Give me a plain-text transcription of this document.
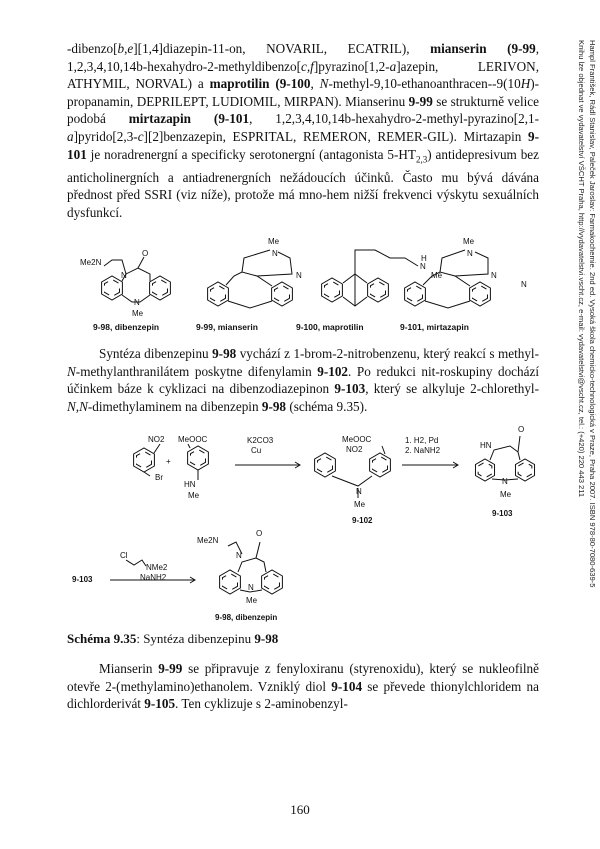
-dibenzo[b,e][1,4]diazepin-11-on, NOVARIL, ECATRIL), mianserin (9-99, 1,2,3,4,10,14b-hexahydro-2-methyldibenzo[c,f]pyrazino[1,2-a]azepin, LERIVON, ATHYMIL, NORVAL) a maprotilin (9-100, N-methyl-9,10-ethanoanthracen--9(10H)-propanamin, DEPRILEPT, LUDIOMIL, MIRPAN). Mianserinu 9-99 se strukturně velice podobá mirtazapin (9-101, 1,2,3,4,10,14b-hexahydro-2-methyl-pyrazino[2,1-a]pyrido[2,3-c][2]benzazepin, ESPRITAL, REMERON, REMER-GIL). Mirtazapin 9-101 je noradrenergní a specificky serotonergní (antagonista $5-HT_{2,3}$) antidepresivum bez anticholinergních a antiadrenergních nežádoucích účinků. Často mu bývá dávána přednost před SSRI (viz níže), protože má mno-hem nižší frekvenci výskytu sexuálních dysfunkcí.
Me2N
O
N
N
Me
Me
N
N
H
N
Me
Me
N
N
N
9-98, dibenzepin	9-99, mianserin	9-100, maprotilin	9-101, mirtazapin
Syntéza dibenzepinu 9-98 vychází z 1-brom-2-nitrobenzenu, který reakcí s methyl-N-methylanthranilátem poskytne difenylamin 9-102. Po redukci nit-roskupiny dochází účinkem báze k cyklizaci na dibenzodiazepinon 9-103, který se alkyluje 2-chlorethyl-N,N-dimethylaminem na dibenzepin 9-98 (schéma 9.35).
NO2
Br
+
MeOOC
HN
Me
K2CO3
Cu
MeOOC
NO2
N
Me
9-102
1. H2, Pd
2. NaNH2
O
HN
N
Me
9-103
9-103
Cl
NMe2
NaNH2
Me2N
O
N
N
Me
9-98, dibenzepin
Schéma 9.35: Syntéza dibenzepinu 9-98
Mianserin 9-99 se připravuje z fenyloxiranu (styrenoxidu), který se nukleofilně otevře 2-(methylamino)ethanolem. Vzniklý diol 9-104 se převede thionylchloridem na dichlorderivát 9-105. Ten cyklizuje s 2-aminobenzyl-
160
Hampl František, Rádl Stanislav, Paleček Jaroslav: Farmakochemie. 2nd ed. Vysoká škola chemicko-technologická v Praze, Praha 2007. ISBN 978-80-7080-639-5
Knihu lze objednat ve vydavatelství VŠCHT Praha, http://vydavatelstvi.vscht.cz, e-mail: vydavatelstvi@vscht.cz, tel.: (+420) 220 443 211
